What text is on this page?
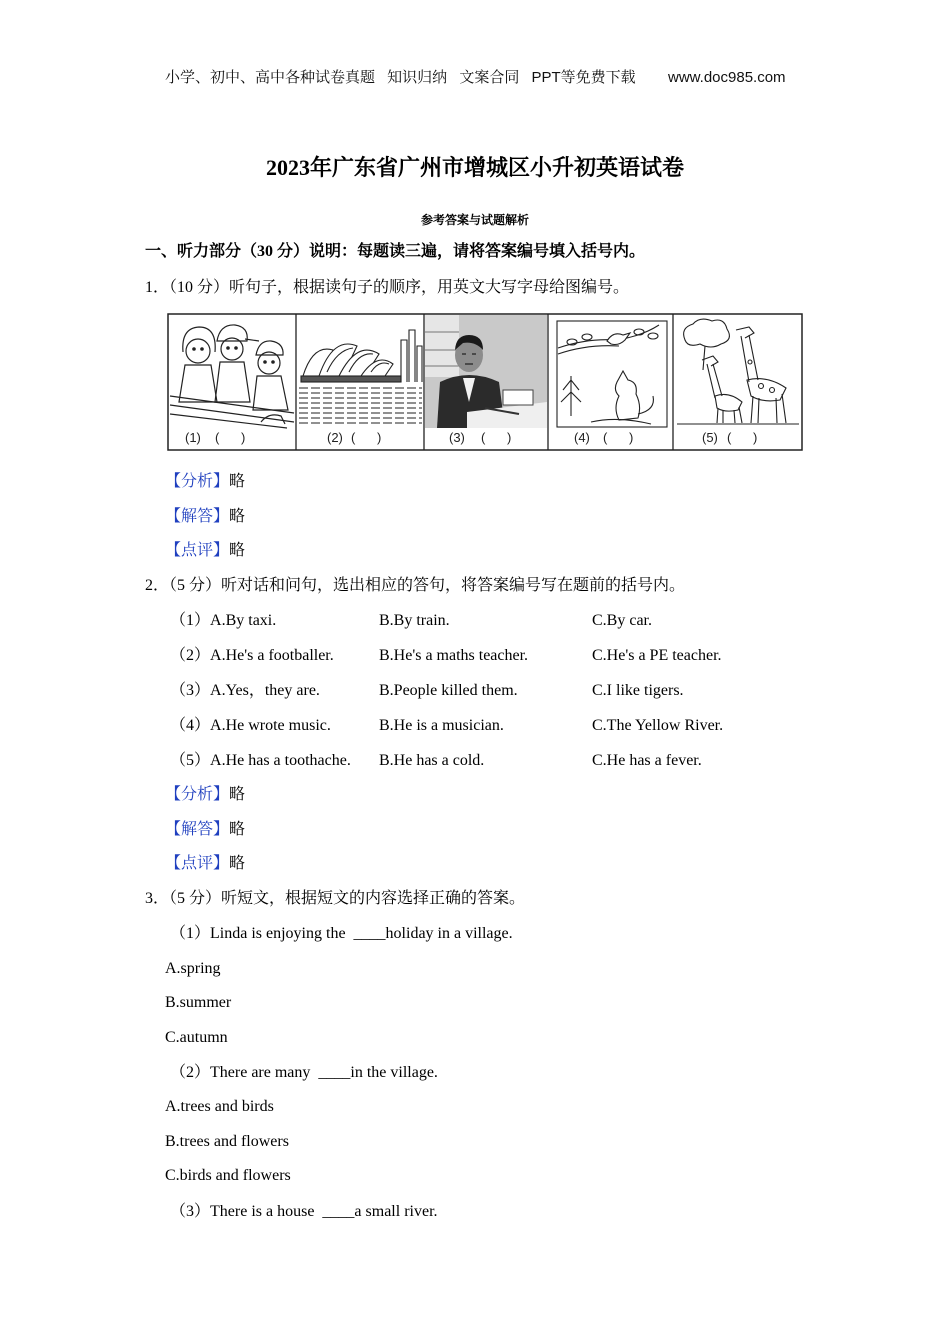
小学、初中、高中各种试卷真题 知识归纳 文案合同 PPT等免费下载 www.doc985.com
2023年广东省广州市增城区小升初英语试卷
参考答案与试题解析
一、听力部分（30 分）说明：每题读三遍，请将答案编号填入括号内。
1．（10 分）听句子，根据读句子的顺序，用英文大写字母给图编号。
(1) (      )	(2) (      )	(3) (      )	(4) (      )	(5) (      )
【分析】略
【解答】略
【点评】略
2．（5 分）听对话和问句，选出相应的答句，将答案编号写在题前的括号内。
（1）A.By taxi.	B.By train.	C.By car.
（2）A.He's a footballer.	B.He's a maths teacher.	C.He's a PE teacher.
（3）A.Yes，they are.	B.People killed them.	C.I like tigers.
（4）A.He wrote music.	B.He is a musician.	C.The Yellow River.
（5）A.He has a toothache. B.He has a cold.	C.He has a fever.
【分析】略
【解答】略
【点评】略
3．（5 分）听短文，根据短文的内容选择正确的答案。
（1）Linda is enjoying the  ____holiday in a village.
A.spring
B.summer
C.autumn
（2）There are many  ____in the village.
A.trees and birds
B.trees and flowers
C.birds and flowers
（3）There is a house  ____a small river.
